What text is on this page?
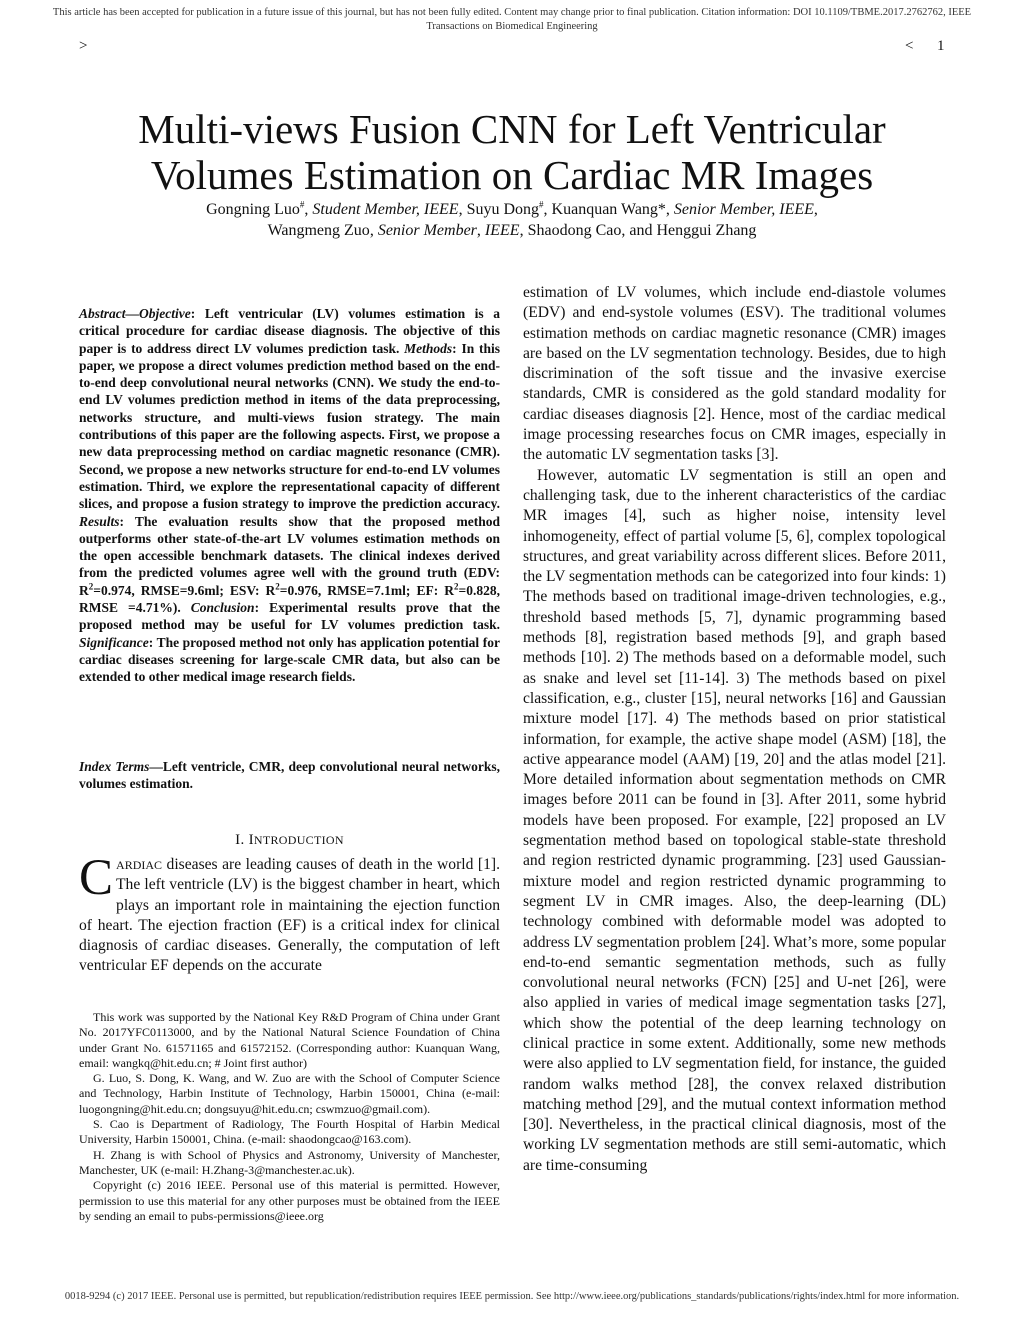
This article has been accepted for publication in a future issue of this journal, but has not been fully edited. Content may change prior to final publication. Citation information: DOI 10.1109/TBME.2017.2762762, IEEE
Transactions on Biomedical Engineering
>	< 1
Multi-views Fusion CNN for Left Ventricular
Volumes Estimation on Cardiac MR Images
Gongning Luo#, Student Member, IEEE, Suyu Dong#, Kuanquan Wang*, Senior Member, IEEE,
Wangmeng Zuo, Senior Member, IEEE, Shaodong Cao, and Henggui Zhang

Abstract—Objective: Left ventricular (LV) volumes estimation is a critical procedure for cardiac disease diagnosis. The objective of this paper is to address direct LV volumes prediction task. Methods: In this paper, we propose a direct volumes prediction method based on the end-to-end deep convolutional neural networks (CNN). We study the end-to-end LV volumes prediction method in items of the data preprocessing, networks structure, and multi-views fusion strategy. The main contributions of this paper are the following aspects. First, we propose a new data preprocessing method on cardiac magnetic resonance (CMR). Second, we propose a new networks structure for end-to-end LV volumes estimation. Third, we explore the representational capacity of different slices, and propose a fusion strategy to improve the prediction accuracy. Results: The evaluation results show that the proposed method outperforms other state-of-the-art LV volumes estimation methods on the open accessible benchmark datasets. The clinical indexes derived from the predicted volumes agree well with the ground truth (EDV: $R^2=0.974$, RMSE=9.6ml; ESV: $R^2=0.976$, RMSE=7.1ml; EF: $R^2=0.828$, RMSE =4.71%). Conclusion: Experimental results prove that the proposed method may be useful for LV volumes prediction task. Significance: The proposed method not only has application potential for cardiac diseases screening for large-scale CMR data, but also can be extended to other medical image research fields.

Index Terms—Left ventricle, CMR, deep convolutional neural networks, volumes estimation.

I. INTRODUCTION

CARDIAC diseases are leading causes of death in the world [1]. The left ventricle (LV) is the biggest chamber in heart, which plays an important role in maintaining the ejection function of heart. The ejection fraction (EF) is a critical index for clinical diagnosis of cardiac diseases. Generally, the computation of left ventricular EF depends on the accurate

This work was supported by the National Key R&D Program of China under Grant No. 2017YFC0113000, and by the National Natural Science Foundation of China under Grant No. 61571165 and 61572152. (Corresponding author: Kuanquan Wang, email: wangkq@hit.edu.cn; # Joint first author)

G. Luo, S. Dong, K. Wang, and W. Zuo are with the School of Computer Science and Technology, Harbin Institute of Technology, Harbin 150001, China (e-mail: luogongning@hit.edu.cn; dongsuyu@hit.edu.cn; cswmzuo@gmail.com).

S. Cao is Department of Radiology, The Fourth Hospital of Harbin Medical University, Harbin 150001, China. (e-mail: shaodongcao@163.com).

H. Zhang is with School of Physics and Astronomy, University of Manchester, Manchester, UK (e-mail: H.Zhang-3@manchester.ac.uk).

Copyright (c) 2016 IEEE. Personal use of this material is permitted. However, permission to use this material for any other purposes must be obtained from the IEEE by sending an email to pubs-permissions@ieee.org

estimation of LV volumes, which include end-diastole volumes (EDV) and end-systole volumes (ESV). The traditional volumes estimation methods on cardiac magnetic resonance (CMR) images are based on the LV segmentation technology. Besides, due to high discrimination of the soft tissue and the invasive exercise standards, CMR is considered as the gold standard modality for cardiac diseases diagnosis [2]. Hence, most of the cardiac medical image processing researches focus on CMR images, especially in the automatic LV segmentation tasks [3].

However, automatic LV segmentation is still an open and challenging task, due to the inherent characteristics of the cardiac MR images [4], such as higher noise, intensity level inhomogeneity, effect of partial volume [5, 6], complex topological structures, and great variability across different slices. Before 2011, the LV segmentation methods can be categorized into four kinds: 1) The methods based on traditional image-driven technologies, e.g., threshold based methods [5, 7], dynamic programming based methods [8], registration based methods [9], and graph based methods [10]. 2) The methods based on a deformable model, such as snake and level set [11-14]. 3) The methods based on pixel classification, e.g., cluster [15], neural networks [16] and Gaussian mixture model [17]. 4) The methods based on prior statistical information, for example, the active shape model (ASM) [18], the active appearance model (AAM) [19, 20] and the atlas model [21]. More detailed information about segmentation methods on CMR images before 2011 can be found in [3]. After 2011, some hybrid models have been proposed. For example, [22] proposed an LV segmentation method based on topological stable-state threshold and region restricted dynamic programming. [23] used Gaussian-mixture model and region restricted dynamic programming to segment LV in CMR images. Also, the deep-learning (DL) technology combined with deformable model was adopted to address LV segmentation problem [24]. What’s more, some popular end-to-end semantic segmentation methods, such as fully convolutional neural networks (FCN) [25] and U-net [26], were also applied in varies of medical image segmentation tasks [27], which show the potential of the deep learning technology on clinical practice in some extent. Additionally, some new methods were also applied to LV segmentation field, for instance, the guided random walks method [28], the convex relaxed distribution matching method [29], and the mutual context information method [30]. Nevertheless, in the practical clinical diagnosis, most of the working LV segmentation methods are still semi-automatic, which are time-consuming

0018-9294 (c) 2017 IEEE. Personal use is permitted, but republication/redistribution requires IEEE permission. See http://www.ieee.org/publications_standards/publications/rights/index.html for more information.
